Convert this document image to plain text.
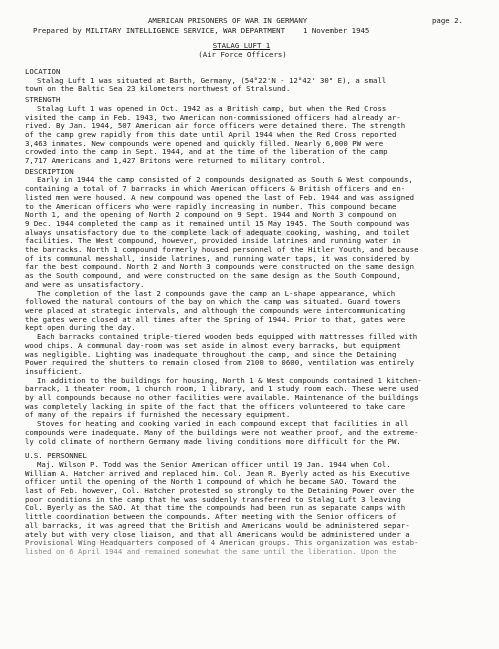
AMERICAN PRISONERS OF WAR IN GERMANY	page 2.
Prepared by MILITARY INTELLIGENCE SERVICE, WAR DEPARTMENT 1 November 1945
STALAG LUFT 1
(Air Force Officers)
LOCATION
Stalag Luft 1 was situated at Barth, Germany, (54°22'N - 12°42' 30" E), a small
town on the Baltic Sea 23 kilometers northwest of Stralsund.
STRENGTH
Stalag Luft 1 was opened in Oct. 1942 as a British camp, but when the Red Cross
visited the camp in Feb. 1943, two American non-commissioned officers had already ar-
rived. By Jan. 1944, 507 American air force officers were detained there. The strength
of the camp grew rapidly from this date until April 1944 when the Red Cross reported
3,463 inmates. New compounds were opened and quickly filled. Nearly 6,000 PW were
crowded into the camp in Sept. 1944, and at the time of the liberation of the camp
7,717 Americans and 1,427 Britons were returned to military control.
DESCRIPTION
Early in 1944 the camp consisted of 2 compounds designated as South & West compounds,
containing a total of 7 barracks in which American officers & British officers and en-
listed men were housed. A new compound was opened the last of Feb. 1944 and was assigned
to the American officers who were rapidly increasing in number. This compound became
North 1, and the opening of North 2 compound on 9 Sept. 1944 and North 3 compound on
9 Dec. 1944 completed the camp as it remained until 15 May 1945. The South compound was
always unsatisfactory due to the complete lack of adequate cooking, washing, and toilet
facilities. The West compound, however, provided inside latrines and running water in
the barracks. North 1 compound formerly housed personnel of the Hitler Youth, and because
of its communal messhall, inside latrines, and running water taps, it was considered by
far the best compound. North 2 and North 3 compounds were constructed on the same design
as the South compound, and were constructed on the same design as the South Compound,
and were as unsatisfactory.
The completion of the last 2 compounds gave the camp an L-shape appearance, which
followed the natural contours of the bay on which the camp was situated. Guard towers
were placed at strategic intervals, and although the compounds were intercommunicating
the gates were closed at all times after the Spring of 1944. Prior to that, gates were
kept open during the day.
Each barracks contained triple-tiered wooden beds equipped with mattresses filled with
wood chips. A communal day-room was set aside in almost every barracks, but equipment
was negligible. Lighting was inadequate throughout the camp, and since the Detaining
Power required the shutters to remain closed from 2100 to 0600, ventilation was entirely
insufficient.
In addition to the buildings for housing, North 1 & West compounds contained 1 kitchen-
barrack, 1 theater room, 1 church room, 1 library, and 1 study room each. These were used
by all compounds because no other facilities were available. Maintenance of the buildings
was completely lacking in spite of the fact that the officers volunteered to take care
of many of the repairs if furnished the necessary equipment.
Stoves for heating and cooking varied in each compound except that facilities in all
compounds were inadequate. Many of the buildings were not weather proof, and the extreme-
ly cold climate of northern Germany made living conditions more difficult for the PW.
U.S. PERSONNEL
Maj. Wilson P. Todd was the Senior American officer until 19 Jan. 1944 when Col.
William A. Hatcher arrived and replaced him. Col. Jean R. Byerly acted as his Executive
officer until the opening of the North 1 compound of which he became SAO. Toward the
last of Feb. however, Col. Hatcher protested so strongly to the Detaining Power over the
poor conditions in the camp that he was suddenly transferred to Stalag Luft 3 leaving
Col. Byerly as the SAO. At that time the compounds had been run as separate camps with
little coordination between the compounds. After meeting with the Senior officers of
all barracks, it was agreed that the British and Americans would be administered separ-
ately but with very close liaison, and that all Americans would be administered under a
Provisional Wing Headquarters composed of 4 American groups. This organization was estab-
lished on 6 April 1944 and remained somewhat the same until the liberation. Upon the
